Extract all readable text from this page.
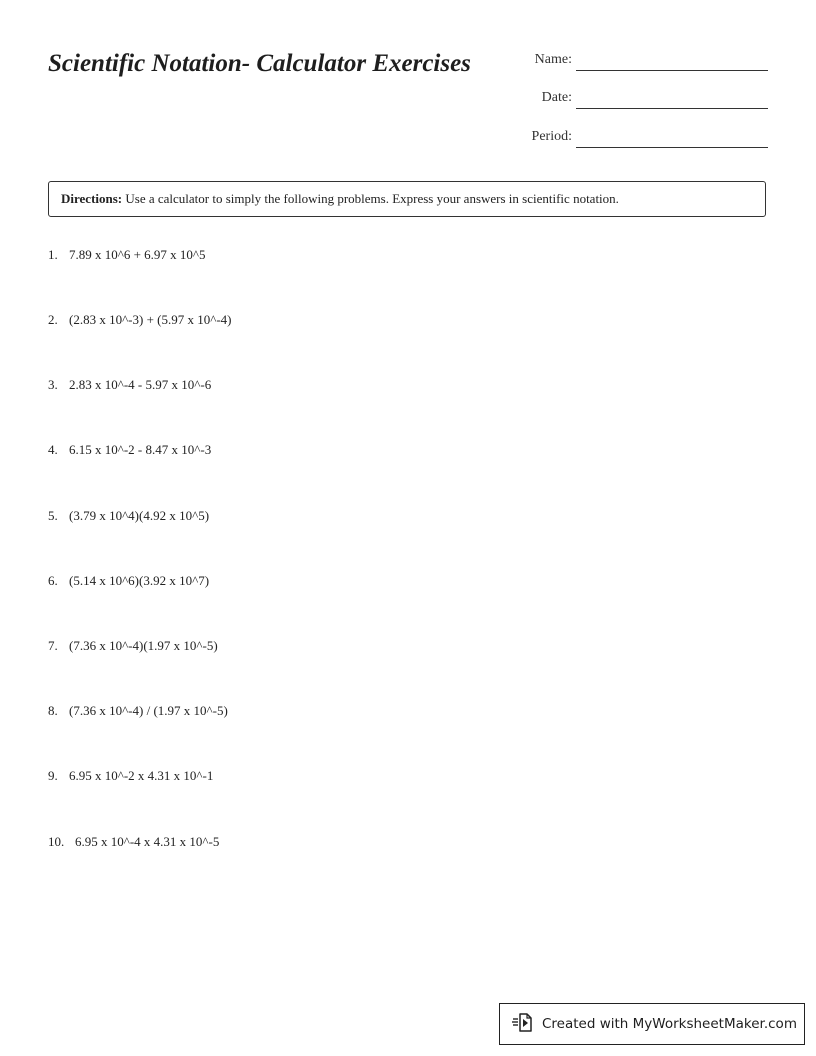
Scientific Notation- Calculator Exercises	Name:
Date:
Period:
Directions: Use a calculator to simply the following problems. Express your answers in scientific notation.
1. 7.89 x 10^6 + 6.97 x 10^5
2. (2.83 x 10^-3) + (5.97 x 10^-4)
3. 2.83 x 10^-4 - 5.97 x 10^-6
4. 6.15 x 10^-2 - 8.47 x 10^-3
5. (3.79 x 10^4)(4.92 x 10^5)
6. (5.14 x 10^6)(3.92 x 10^7)
7. (7.36 x 10^-4)(1.97 x 10^-5)
8. (7.36 x 10^-4) / (1.97 x 10^-5)
9. 6.95 x 10^-2 x 4.31 x 10^-1
10. 6.95 x 10^-4 x 4.31 x 10^-5
Created with MyWorksheetMaker.com
